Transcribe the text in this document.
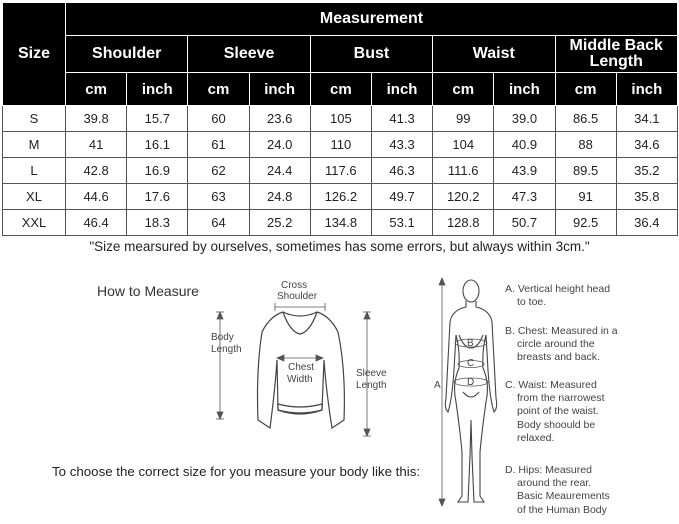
Size	Measurement									
	Shoulder		Sleeve		Bust		Waist		Middle Back Length	
	cm	inch	cm	inch	cm	inch	cm	inch	cm	inch
S	39.8	15.7	60	23.6	105	41.3	99	39.0	86.5	34.1
M	41	16.1	61	24.0	110	43.3	104	40.9	88	34.6
L	42.8	16.9	62	24.4	117.6	46.3	111.6	43.9	89.5	35.2
XL	44.6	17.6	63	24.8	126.2	49.7	120.2	47.3	91	35.8
XXL	46.4	18.3	64	25.2	134.8	53.1	128.8	50.7	92.5	36.4
"Size mearsured by ourselves, sometimes has some errors, but always within 3cm."
How to Measure
To choose the correct size for you measure your body like this:
Cross
Shoulder
Body
Length
Chest
Width
Sleeve
Length	A
B
C
D
A. Vertical height head
to toe.
B. Chest: Measured in a
circle around the
breasts and back.
C. Waist: Measured
from the narrowest
point of the waist.
Body shoould be
relaxed.
D. Hips: Measured
around the rear.
Basic Meaurements
of the Human Body
